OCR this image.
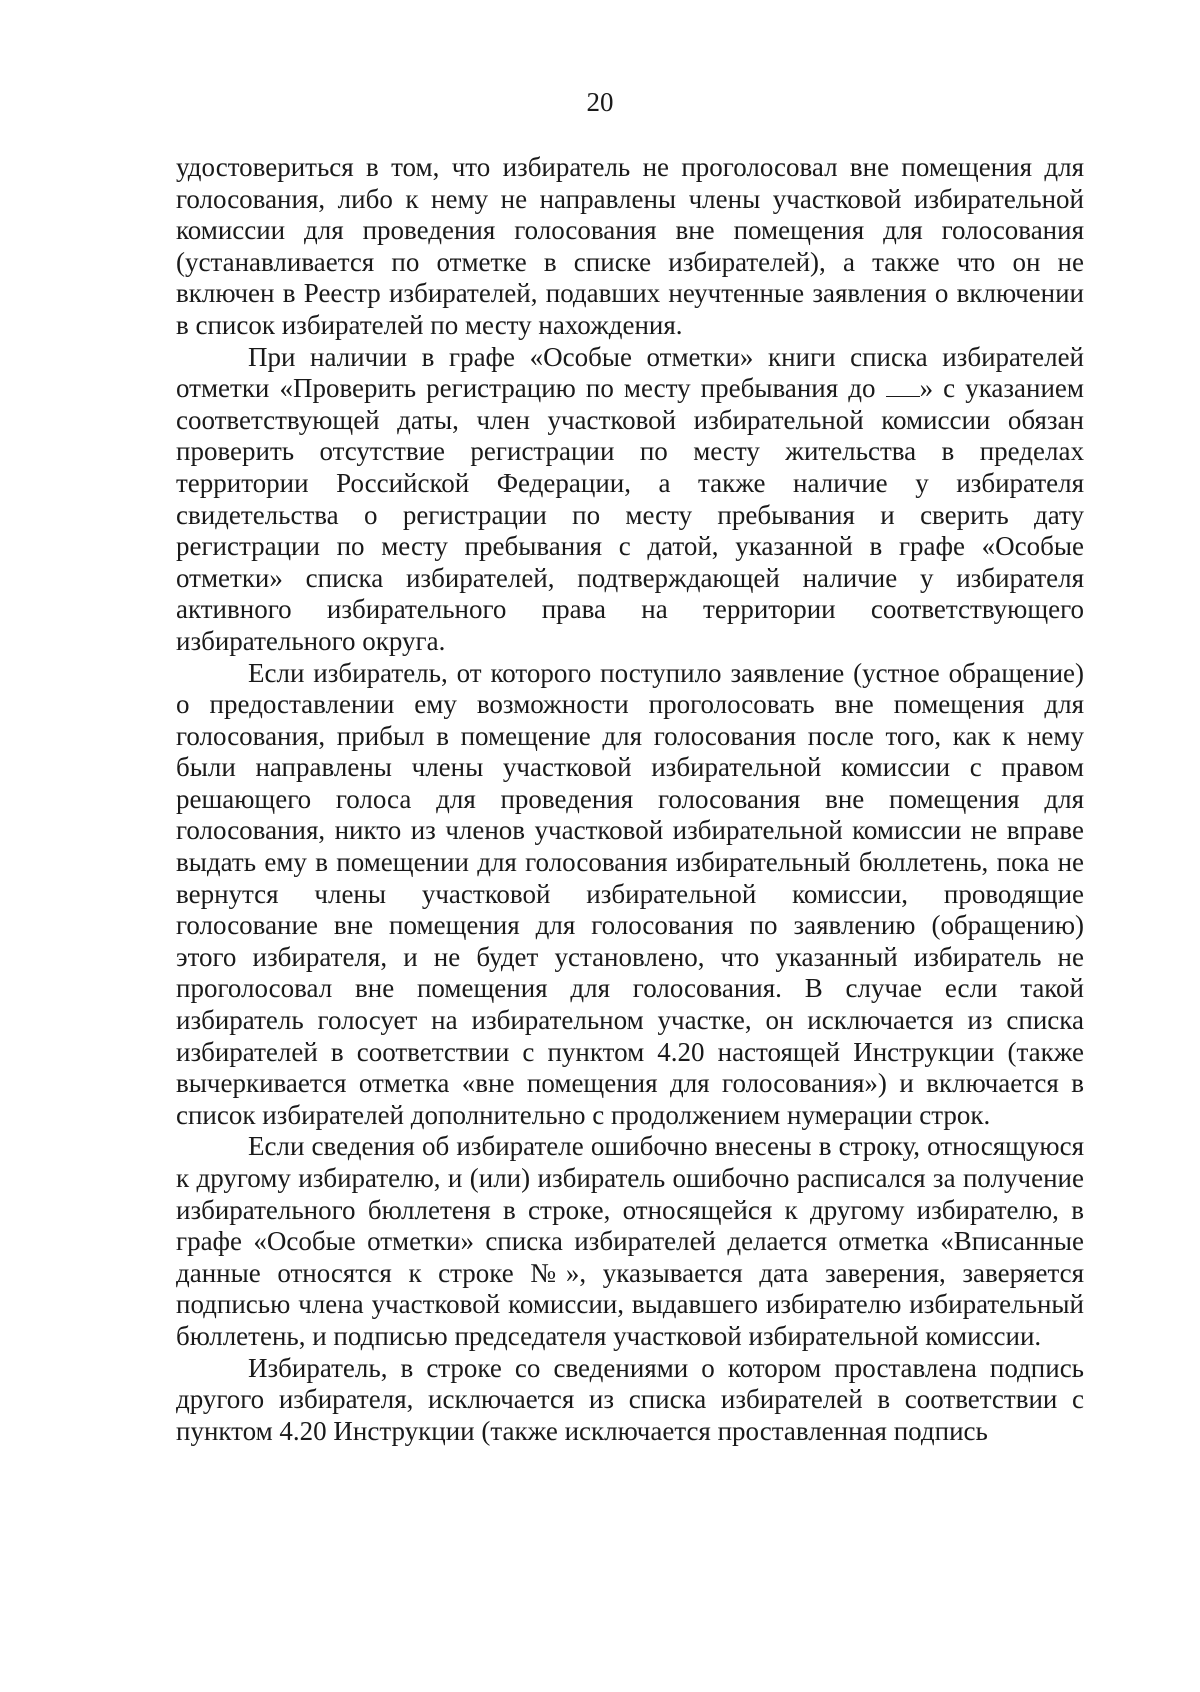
20

удостовериться в том, что избиратель не проголосовал вне помещения для голосования, либо к нему не направлены члены участковой избирательной комиссии для проведения голосования вне помещения для голосования (устанавливается по отметке в списке избирателей), а также что он не включен в Реестр избирателей, подавших неучтенные заявления о включении в список избирателей по месту нахождения.

При наличии в графе «Особые отметки» книги списка избирателей отметки «Проверить регистрацию по месту пребывания до » с указанием соответствующей даты, член участковой избирательной комиссии обязан проверить отсутствие регистрации по месту жительства в пределах территории Российской Федерации, а также наличие у избирателя свидетельства о регистрации по месту пребывания и сверить дату регистрации по месту пребывания с датой, указанной в графе «Особые отметки» списка избирателей, подтверждающей наличие у избирателя активного избирательного права на территории соответствующего избирательного округа.

Если избиратель, от которого поступило заявление (устное обращение) о предоставлении ему возможности проголосовать вне помещения для голосования, прибыл в помещение для голосования после того, как к нему были направлены члены участковой избирательной комиссии с правом решающего голоса для проведения голосования вне помещения для голосования, никто из членов участковой избирательной комиссии не вправе выдать ему в помещении для голосования избирательный бюллетень, пока не вернутся члены участковой избирательной комиссии, проводящие голосование вне помещения для голосования по заявлению (обращению) этого избирателя, и не будет установлено, что указанный избиратель не проголосовал вне помещения для голосования. В случае если такой избиратель голосует на избирательном участке, он исключается из списка избирателей в соответствии с пунктом 4.20 настоящей Инструкции (также вычеркивается отметка «вне помещения для голосования») и включается в список избирателей дополнительно с продолжением нумерации строк.

Если сведения об избирателе ошибочно внесены в строку, относящуюся к другому избирателю, и (или) избиратель ошибочно расписался за получение избирательного бюллетеня в строке, относящейся к другому избирателю, в графе «Особые отметки» списка избирателей делается отметка «Вписанные данные относятся к строке №», указывается дата заверения, заверяется подписью члена участковой комиссии, выдавшего избирателю избирательный бюллетень, и подписью председателя участковой избирательной комиссии.

Избиратель, в строке со сведениями о котором проставлена подпись другого избирателя, исключается из списка избирателей в соответствии с пунктом 4.20 Инструкции (также исключается проставленная подпись
